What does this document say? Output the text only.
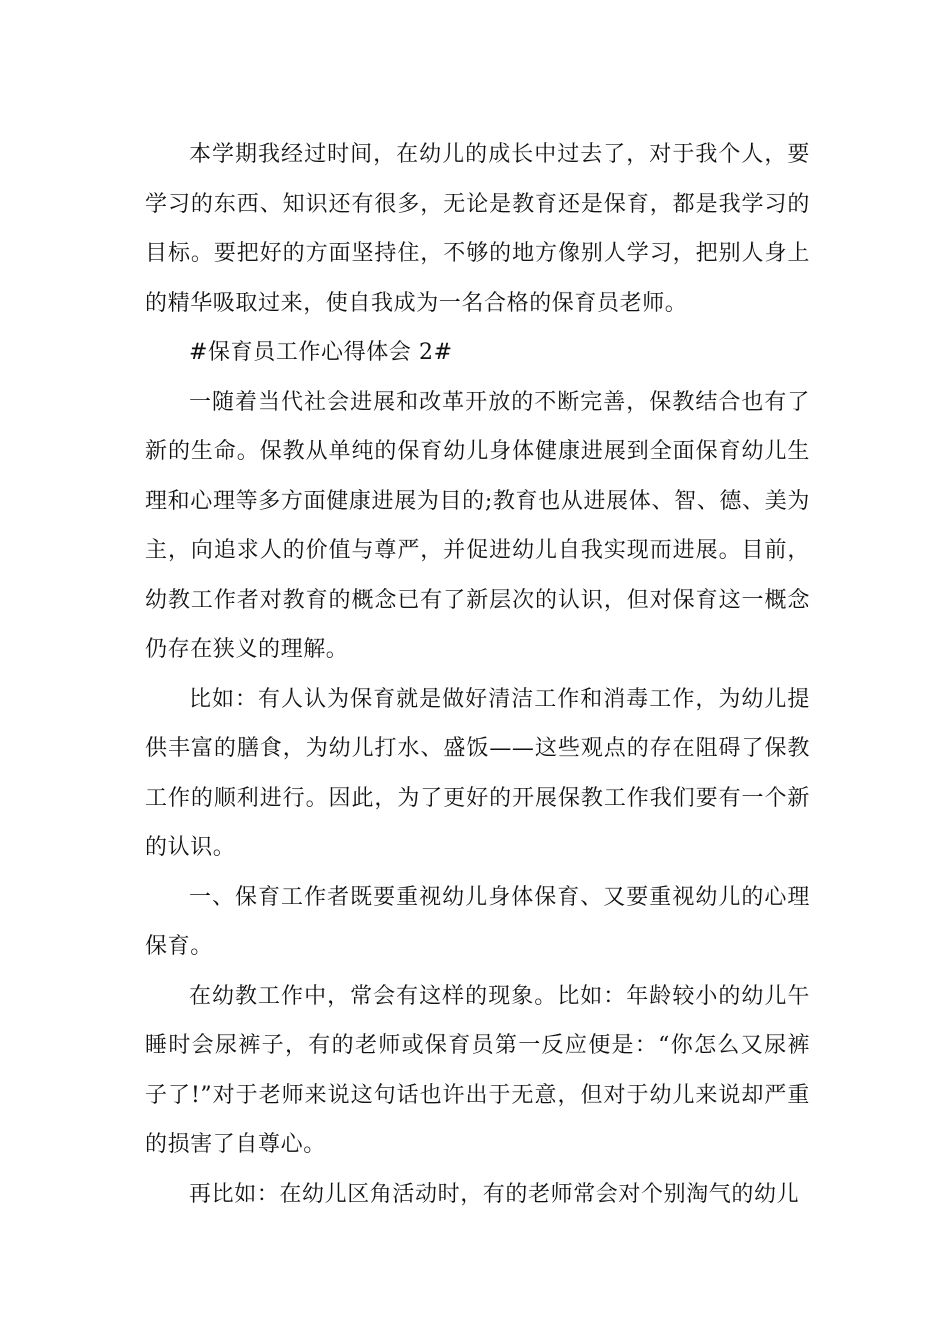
本学期我经过时间，在幼儿的成长中过去了，对于我个人，要学习的东西、知识还有很多，无论是教育还是保育，都是我学习的目标。要把好的方面坚持住，不够的地方像别人学习，把别人身上的精华吸取过来，使自我成为一名合格的保育员老师。

#保育员工作心得体会 2#

一随着当代社会进展和改革开放的不断完善，保教结合也有了新的生命。保教从单纯的保育幼儿身体健康进展到全面保育幼儿生理和心理等多方面健康进展为目的;教育也从进展体、智、德、美为主，向追求人的价值与尊严，并促进幼儿自我实现而进展。目前，幼教工作者对教育的概念已有了新层次的认识，但对保育这一概念仍存在狭义的理解。

比如：有人认为保育就是做好清洁工作和消毒工作，为幼儿提供丰富的膳食，为幼儿打水、盛饭——这些观点的存在阻碍了保教工作的顺利进行。因此，为了更好的开展保教工作我们要有一个新的认识。

一、保育工作者既要重视幼儿身体保育、又要重视幼儿的心理保育。

在幼教工作中，常会有这样的现象。比如：年龄较小的幼儿午睡时会尿裤子，有的老师或保育员第一反应便是：“你怎么又尿裤子了!”对于老师来说这句话也许出于无意，但对于幼儿来说却严重的损害了自尊心。

再比如：在幼儿区角活动时，有的老师常会对个别淘气的幼儿
